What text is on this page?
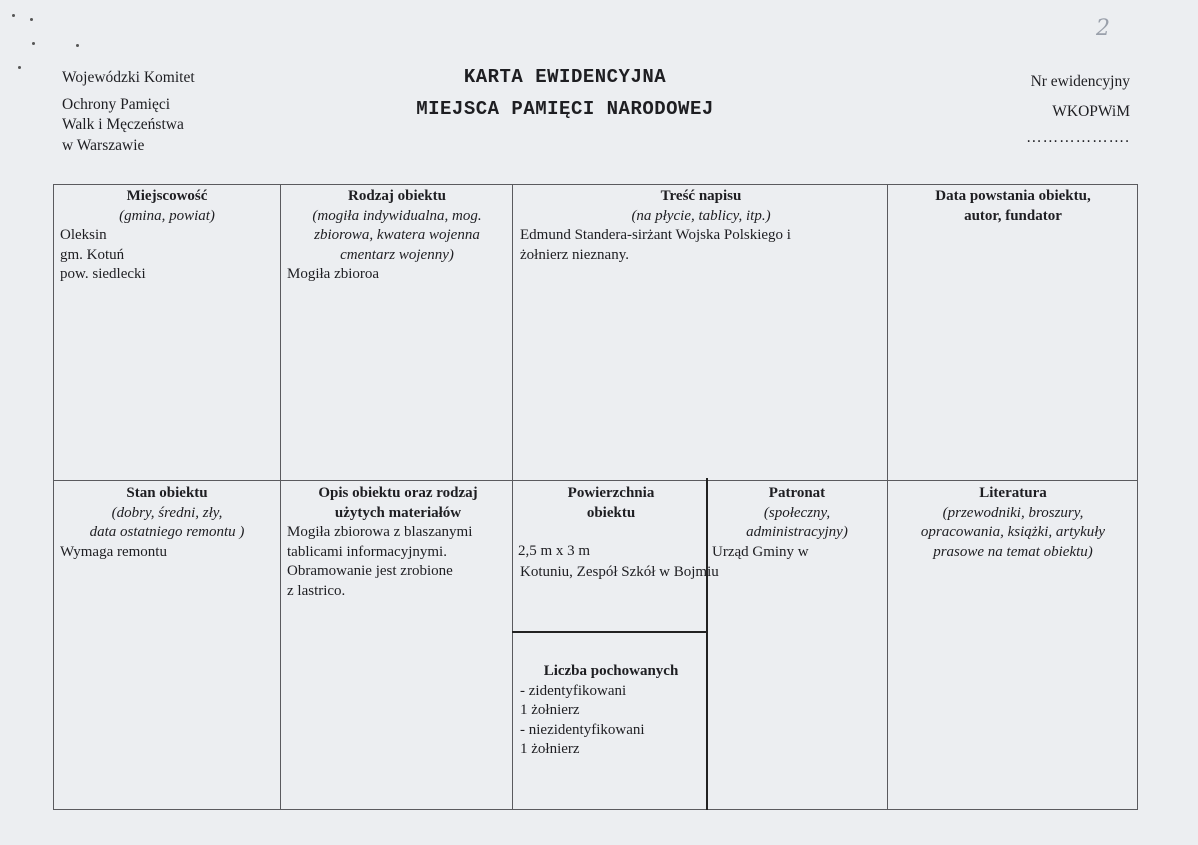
2
Wojewódzki Komitet
Ochrony Pamięci
Walk i Męczeństwa
w Warszawie
KARTA EWIDENCYJNA
MIEJSCA PAMIĘCI NARODOWEJ
Nr ewidencyjny
WKOPWiM
……………….
Miejscowość
(gmina, powiat)
Oleksin
gm. Kotuń
pow. siedlecki
Rodzaj obiektu
(mogiła indywidualna, mog.
zbiorowa, kwatera wojenna
cmentarz wojenny)
Mogiła zbioroa
Treść napisu
(na płycie, tablicy, itp.)
Edmund Standera-sirżant Wojska Polskiego i
żołnierz nieznany.
Data powstania obiektu,
autor, fundator
Stan obiektu
(dobry, średni, zły,
data ostatniego remontu )
Wymaga remontu
Opis obiektu oraz rodzaj
użytych materiałów
Mogiła zbiorowa z blaszanymi
tablicami informacyjnymi.
Obramowanie jest zrobione
z lastrico.
Powierzchnia
obiektu
2,5 m x 3 m
Patronat
(społeczny,
administracyjny)
Urząd Gminy w
Kotuniu, Zespół Szkół w Bojmiu
Liczba pochowanych
- zidentyfikowani
1 żołnierz
- niezidentyfikowani
1 żołnierz
Literatura
(przewodniki, broszury,
opracowania, książki, artykuły
prasowe na temat obiektu)
